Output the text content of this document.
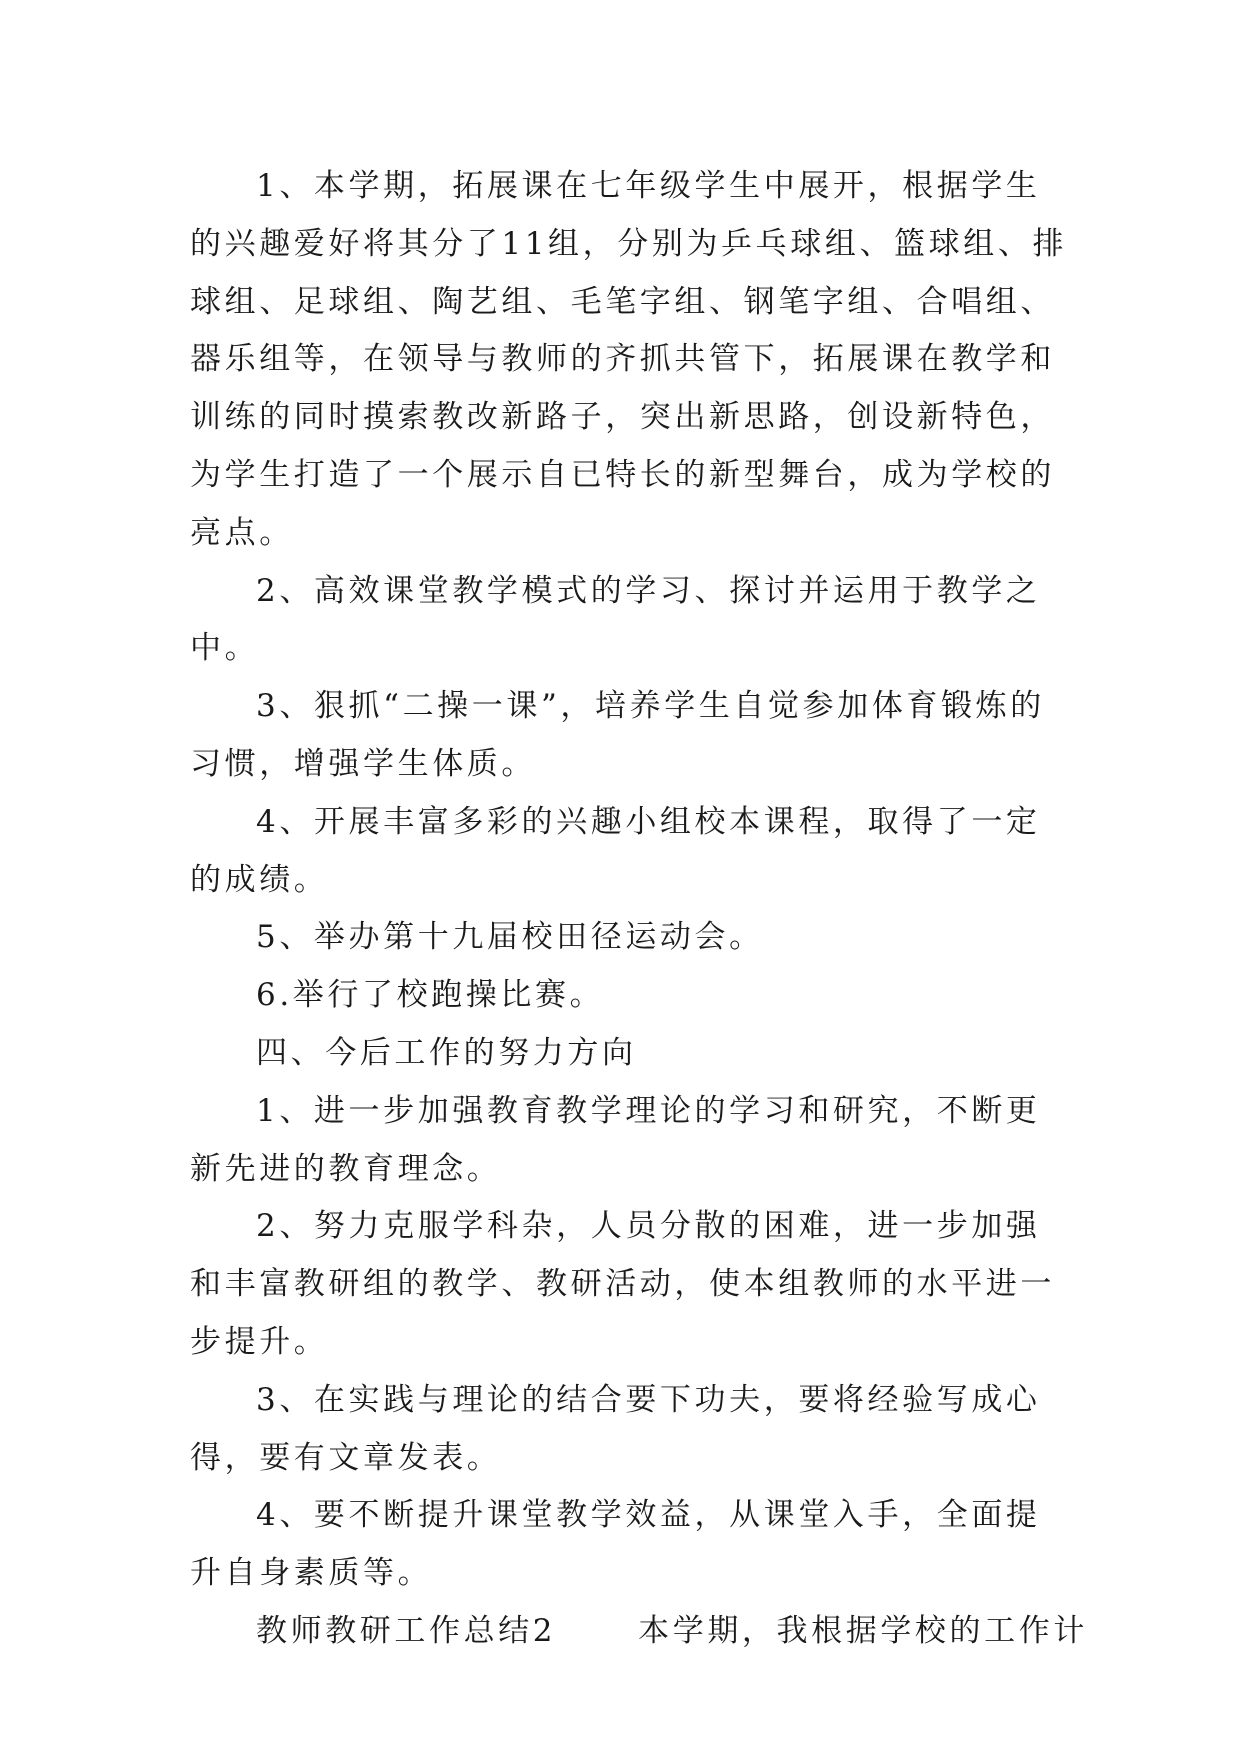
1、本学期，拓展课在七年级学生中展开，根据学生的兴趣爱好将其分了11组，分别为乒乓球组、篮球组、排球组、足球组、陶艺组、毛笔字组、钢笔字组、合唱组、器乐组等，在领导与教师的齐抓共管下，拓展课在教学和训练的同时摸索教改新路子，突出新思路，创设新特色，为学生打造了一个展示自已特长的新型舞台，成为学校的亮点。

2、高效课堂教学模式的学习、探讨并运用于教学之中。

3、狠抓“二操一课”，培养学生自觉参加体育锻炼的习惯，增强学生体质。

4、开展丰富多彩的兴趣小组校本课程，取得了一定的成绩。

5、举办第十九届校田径运动会。

6.举行了校跑操比赛。

四、今后工作的努力方向

1、进一步加强教育教学理论的学习和研究，不断更新先进的教育理念。

2、努力克服学科杂，人员分散的困难，进一步加强和丰富教研组的教学、教研活动，使本组教师的水平进一步提升。

3、在实践与理论的结合要下功夫，要将经验写成心得，要有文章发表。

4、要不断提升课堂教学效益，从课堂入手，全面提升自身素质等。

教师教研工作总结2	本学期，我根据学校的工作计
